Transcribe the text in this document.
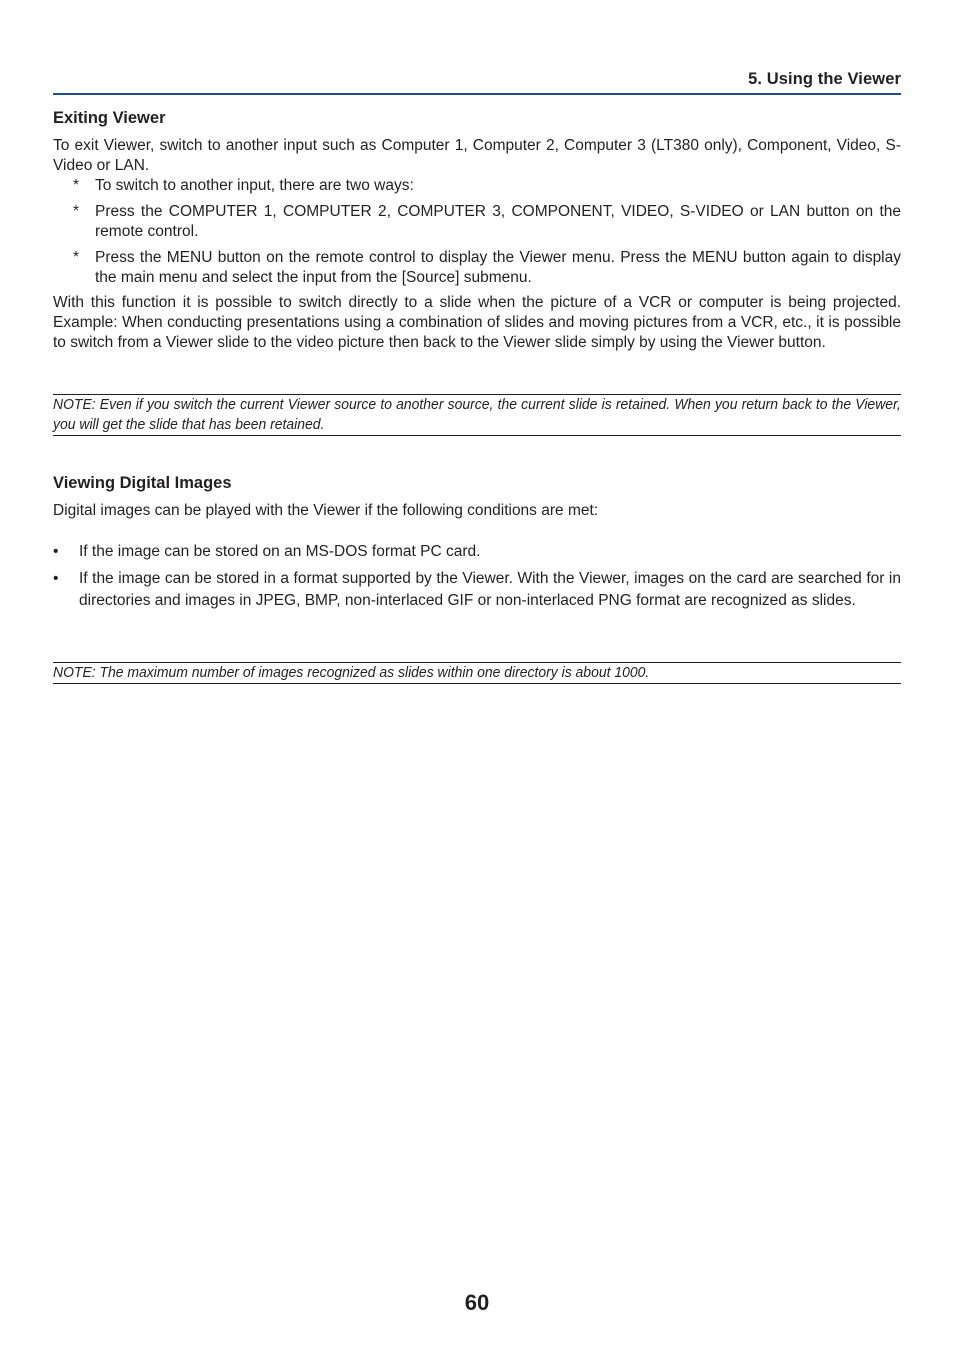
5. Using the Viewer
Exiting Viewer

To exit Viewer, switch to another input such as Computer 1, Computer 2, Computer 3 (LT380 only), Component, Video, S-Video or LAN.

* To switch to another input, there are two ways:
* Press the COMPUTER 1, COMPUTER 2, COMPUTER 3, COMPONENT, VIDEO, S-VIDEO or LAN button on the remote control.
* Press the MENU button on the remote control to display the Viewer menu. Press the MENU button again to display the main menu and select the input from the [Source] submenu.

With this function it is possible to switch directly to a slide when the picture of a VCR or computer is being projected. Example: When conducting presentations using a combination of slides and moving pictures from a VCR, etc., it is possible to switch from a Viewer slide to the video picture then back to the Viewer slide simply by using the Viewer button.

NOTE: Even if you switch the current Viewer source to another source, the current slide is retained. When you return back to the Viewer, you will get the slide that has been retained.
Viewing Digital Images

Digital images can be played with the Viewer if the following conditions are met:

• If the image can be stored on an MS-DOS format PC card.
• If the image can be stored in a format supported by the Viewer. With the Viewer, images on the card are searched for in directories and images in JPEG, BMP, non-interlaced GIF or non-interlaced PNG format are recognized as slides.
NOTE: The maximum number of images recognized as slides within one directory is about 1000.
60
